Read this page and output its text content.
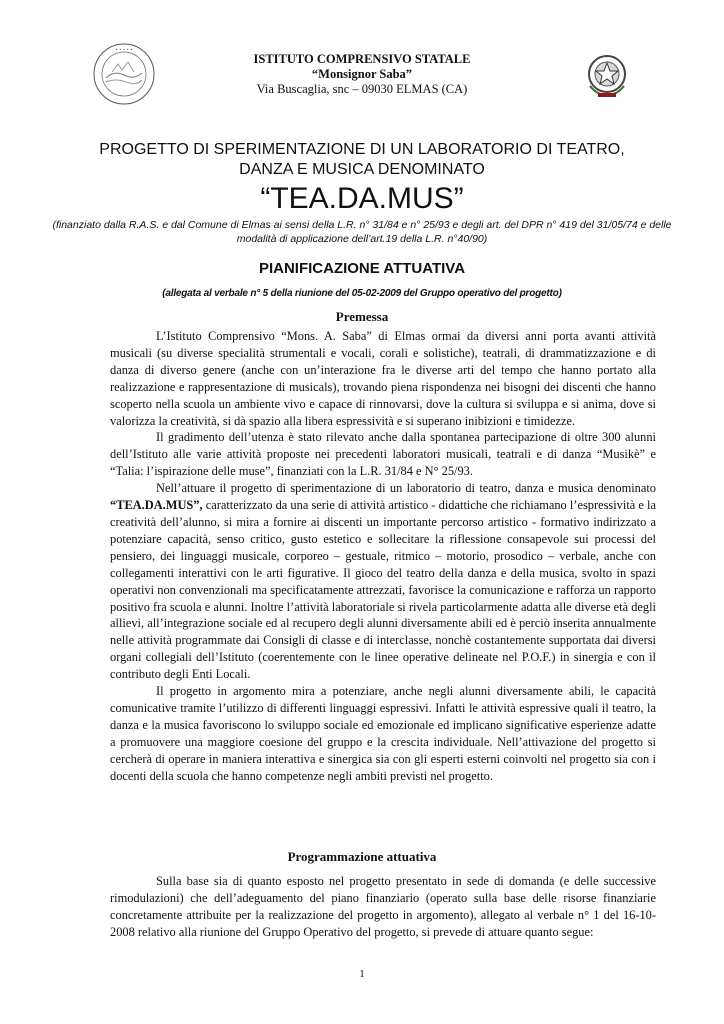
• • • • •
ISTITUTO COMPRENSIVO STATALE
“Monsignor Saba”
Via Buscaglia, snc – 09030 ELMAS (CA)
PROGETTO DI SPERIMENTAZIONE DI UN LABORATORIO DI TEATRO,
DANZA E MUSICA DENOMINATO
“TEA.DA.MUS”
(finanziato dalla R.A.S. e dal Comune di Elmas ai sensi della L.R. n° 31/84 e n° 25/93 e degli art. del DPR n° 419 del 31/05/74 e delle modalità di applicazione dell’art.19 della L.R. n°40/90)
PIANIFICAZIONE ATTUATIVA
(allegata al verbale n° 5 della riunione del 05-02-2009 del Gruppo operativo del progetto)
Premessa

L’Istituto Comprensivo “Mons. A. Saba” di Elmas ormai da diversi anni porta avanti attività musicali (su diverse specialità strumentali e vocali, corali e solistiche), teatrali, di drammatizzazione e di danza di diverso genere (anche con un’interazione fra le diverse arti del tempo che hanno portato alla realizzazione e rappresentazione di musicals), trovando piena rispondenza nei bisogni dei discenti che hanno scoperto nella scuola un ambiente vivo e capace di rinnovarsi, dove la cultura si sviluppa e si anima, dove si valorizza la creatività, si dà spazio alla libera espressività e si superano inibizioni e timidezze.

Il gradimento dell’utenza è stato rilevato anche dalla spontanea partecipazione di oltre 300 alunni dell’Istituto alle varie attività proposte nei precedenti laboratori musicali, teatrali e di danza “Musikè” e “Talia: l’ispirazione delle muse”, finanziati con la L.R. 31/84 e N° 25/93.

Nell’attuare il progetto di sperimentazione di un laboratorio di teatro, danza e musica denominato “TEA.DA.MUS”, caratterizzato da una serie di attività artistico - didattiche che richiamano l’espressività e la creatività dell’alunno, si mira a fornire ai discenti un importante percorso artistico - formativo indirizzato a potenziare capacità, senso critico, gusto estetico e sollecitare la riflessione consapevole sui processi del pensiero, dei linguaggi musicale, corporeo – gestuale, ritmico – motorio, prosodico – verbale, anche con collegamenti interattivi con le arti figurative. Il gioco del teatro della danza e della musica, svolto in spazi operativi non convenzionali ma specificatamente attrezzati, favorisce la comunicazione e rafforza un rapporto positivo fra scuola e alunni. Inoltre l’attività laboratoriale si rivela particolarmente adatta alle diverse età degli allievi, all’integrazione sociale ed al recupero degli alunni diversamente abili ed è perciò inserita annualmente nelle attività programmate dai Consigli di classe e di interclasse, nonchè costantemente supportata dai diversi organi collegiali dell’Istituto (coerentemente con le linee operative delineate nel P.O.F.) in sinergia e con il contributo degli Enti Locali.

Il progetto in argomento mira a potenziare, anche negli alunni diversamente abili, le capacità comunicative tramite l’utilizzo di differenti linguaggi espressivi. Infatti le attività espressive quali il teatro, la danza e la musica favoriscono lo sviluppo sociale ed emozionale ed implicano significative esperienze adatte a promuovere una maggiore coesione del gruppo e la crescita individuale. Nell’attivazione del progetto si cercherà di operare in maniera interattiva e sinergica sia con gli esperti esterni coinvolti nel progetto sia con i docenti della scuola che hanno competenze negli ambiti previsti nel progetto.

Programmazione attuativa

Sulla base sia di quanto esposto nel progetto presentato in sede di domanda (e delle successive rimodulazioni) che dell’adeguamento del piano finanziario (operato sulla base delle risorse finanziarie concretamente attribuite per la realizzazione del progetto in argomento), allegato al verbale n° 1 del 16-10-2008 relativo alla riunione del Gruppo Operativo del progetto, si prevede di attuare quanto segue:

1
